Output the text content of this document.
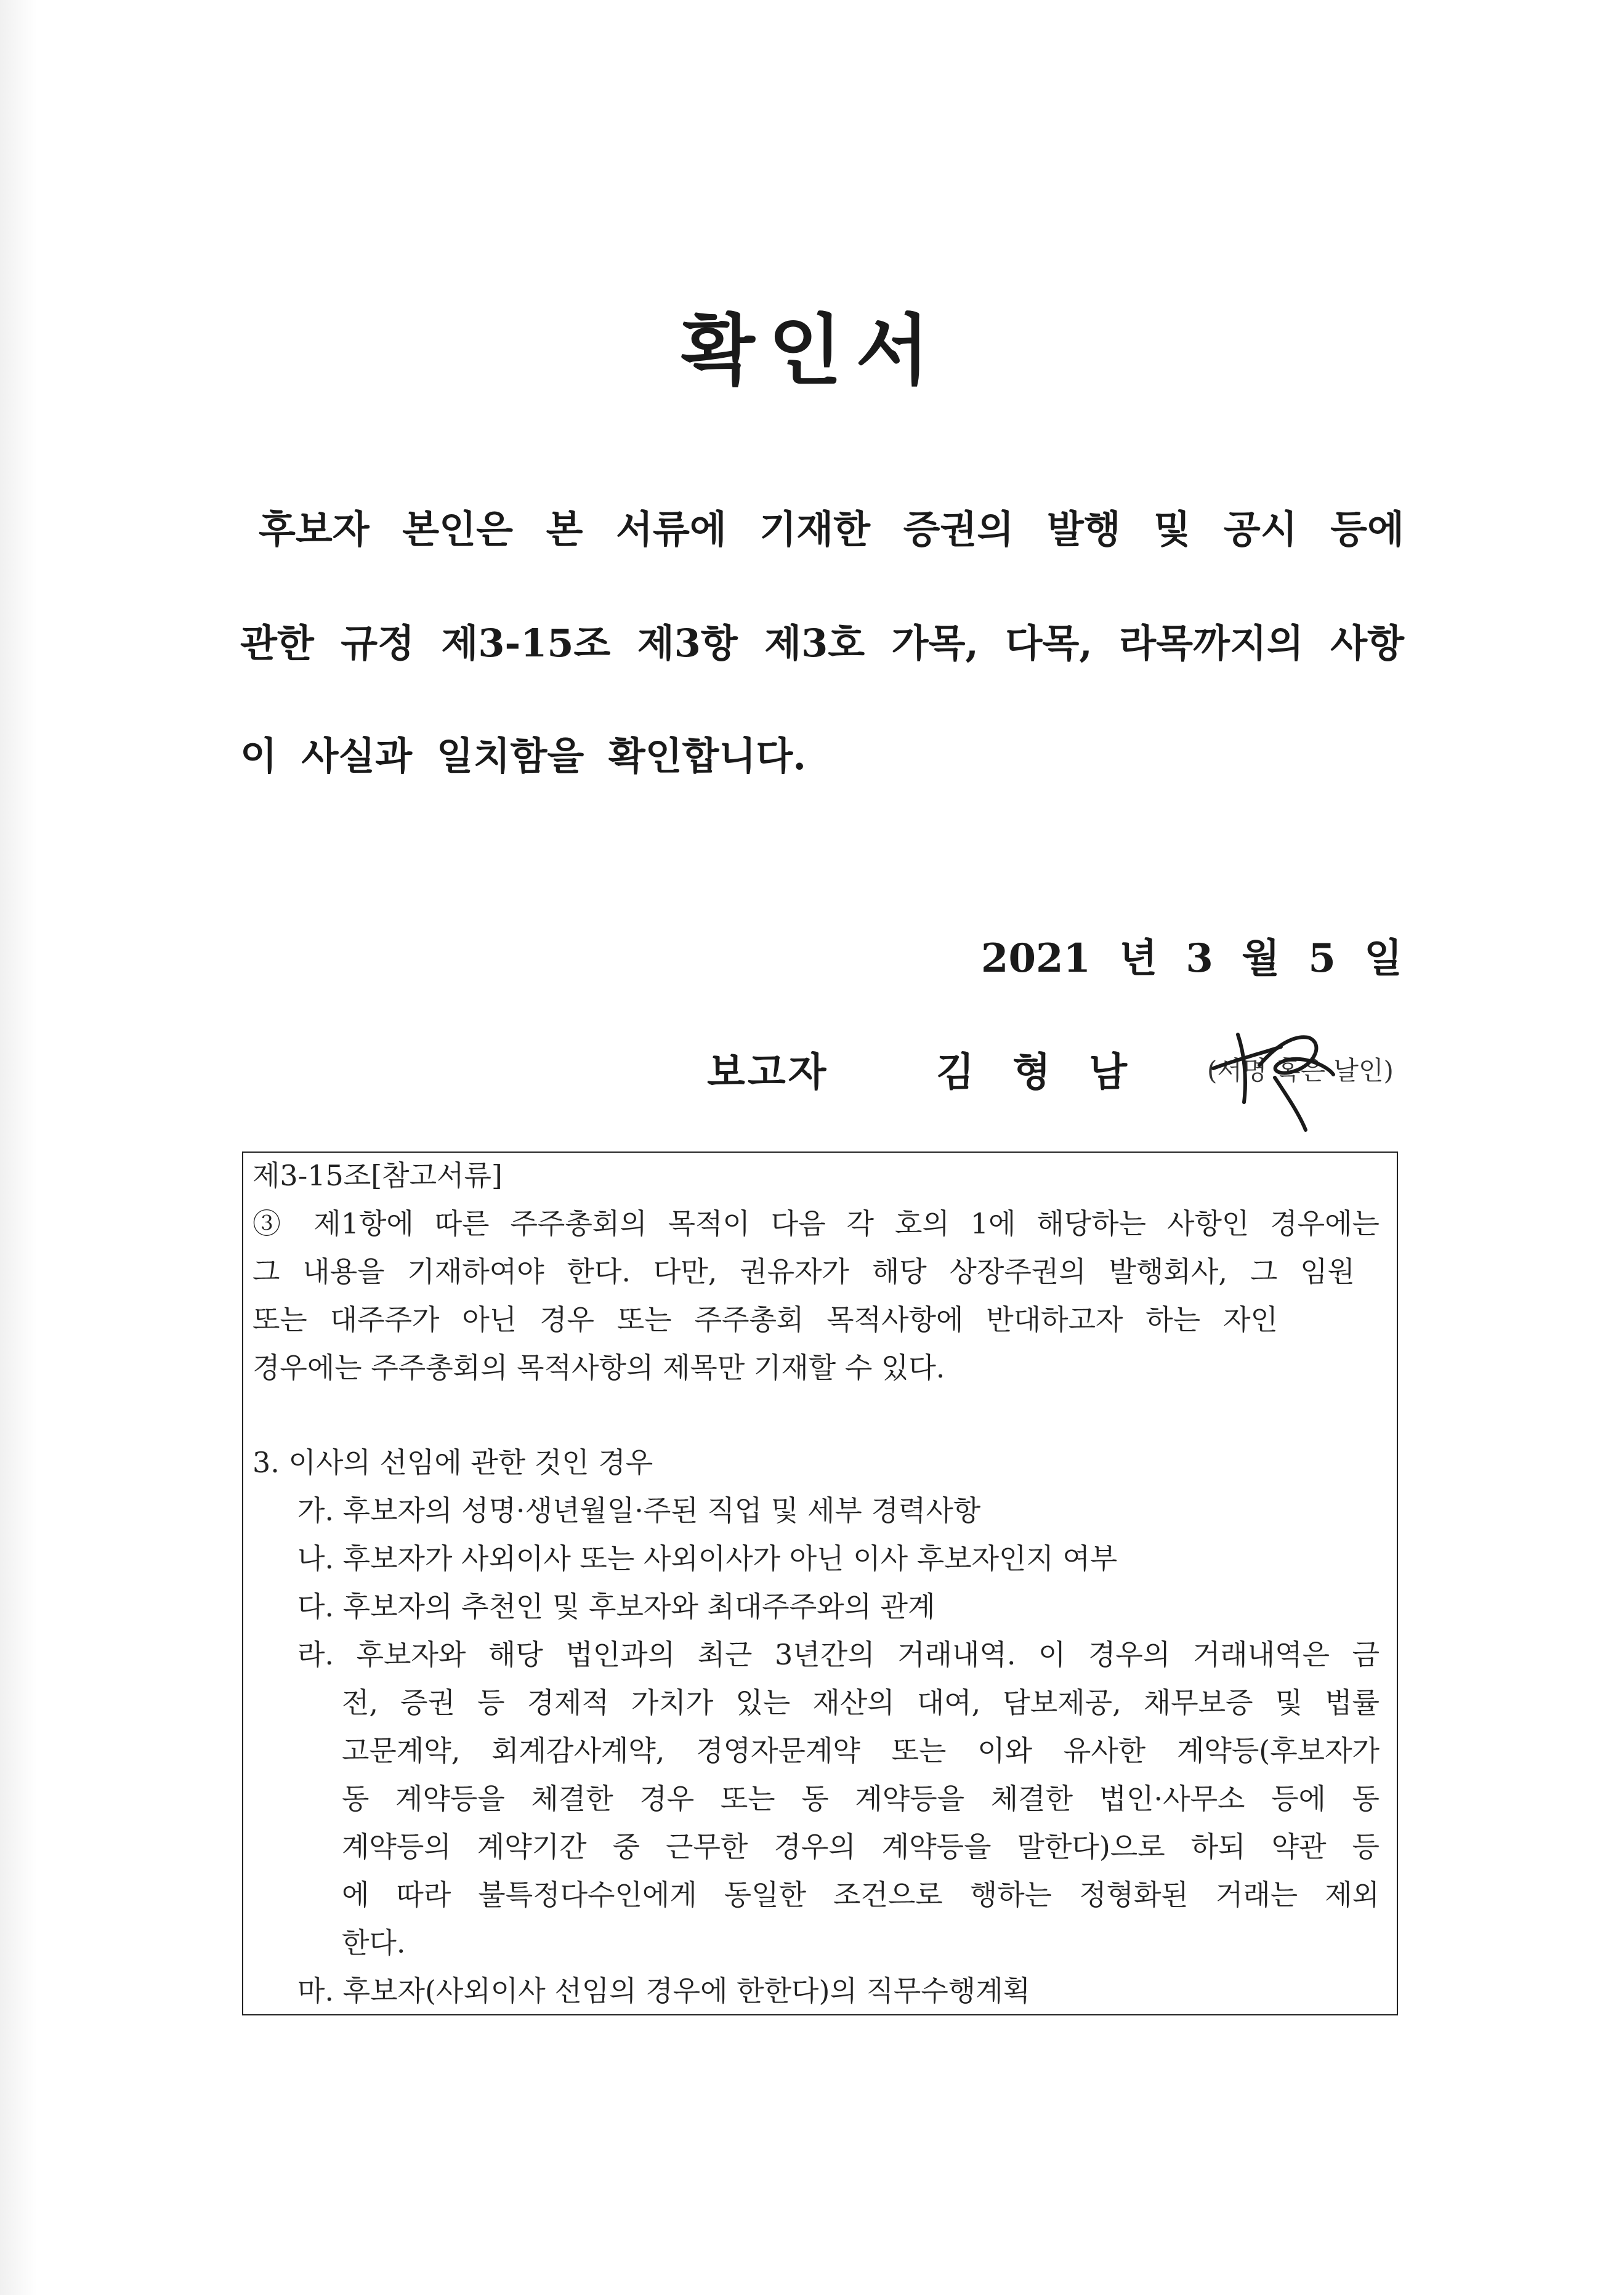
확인서
후보자 본인은 본 서류에 기재한 증권의 발행 및 공시 등에
관한 규정 제3-15조 제3항 제3호 가목, 다목, 라목까지의 사항
이 사실과 일치함을 확인합니다.
2021 년 3 월 5 일
보고자	김 형 남	(서명 혹은 날인)
제3-15조[참고서류]
③ 제1항에 따른 주주총회의 목적이 다음 각 호의 1에 해당하는 사항인 경우에는
그 내용을 기재하여야 한다. 다만, 권유자가 해당 상장주권의 발행회사, 그 임원
또는 대주주가 아닌 경우 또는 주주총회 목적사항에 반대하고자 하는 자인
경우에는 주주총회의 목적사항의 제목만 기재할 수 있다.
3. 이사의 선임에 관한 것인 경우
가. 후보자의 성명·생년월일·주된 직업 및 세부 경력사항
나. 후보자가 사외이사 또는 사외이사가 아닌 이사 후보자인지 여부
다. 후보자의 추천인 및 후보자와 최대주주와의 관계
라. 후보자와 해당 법인과의 최근 3년간의 거래내역. 이 경우의 거래내역은 금
전, 증권 등 경제적 가치가 있는 재산의 대여, 담보제공, 채무보증 및 법률
고문계약, 회계감사계약, 경영자문계약 또는 이와 유사한 계약등(후보자가
동 계약등을 체결한 경우 또는 동 계약등을 체결한 법인·사무소 등에 동
계약등의 계약기간 중 근무한 경우의 계약등을 말한다)으로 하되 약관 등
에 따라 불특정다수인에게 동일한 조건으로 행하는 정형화된 거래는 제외
한다.
마. 후보자(사외이사 선임의 경우에 한한다)의 직무수행계획
